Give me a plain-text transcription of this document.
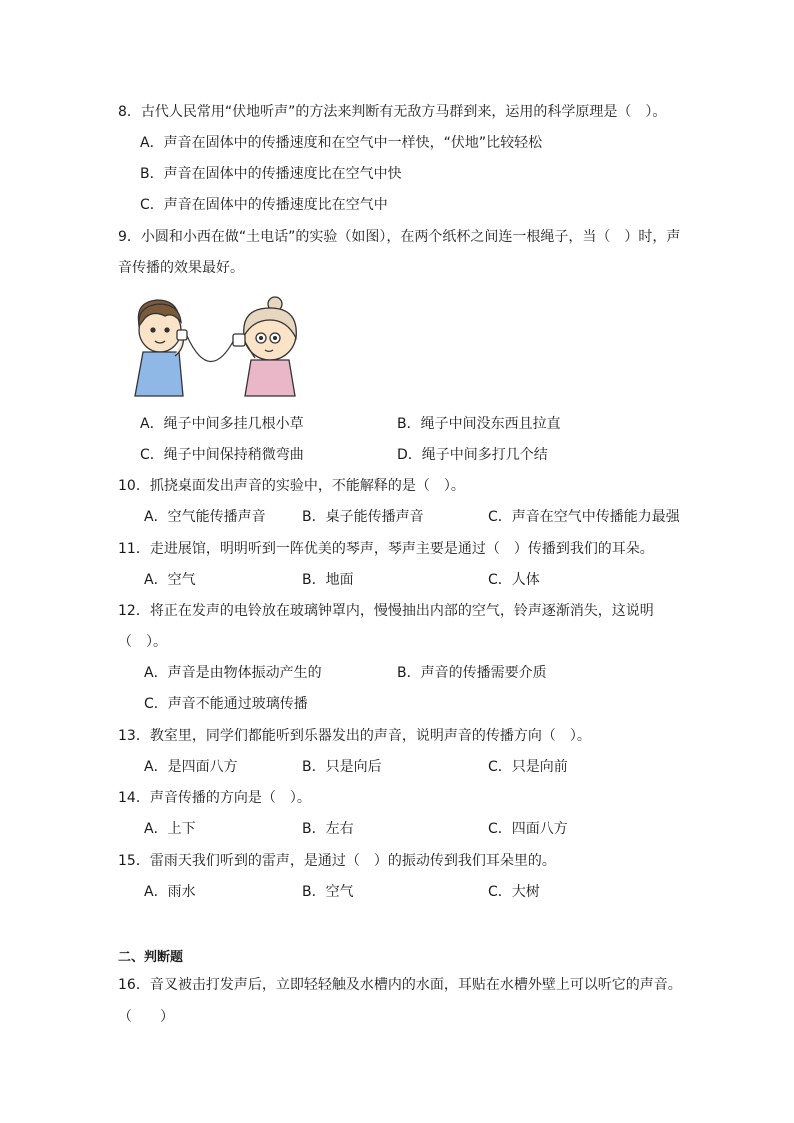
8．古代人民常用“伏地听声”的方法来判断有无敌方马群到来，运用的科学原理是（　）。
A．声音在固体中的传播速度和在空气中一样快，“伏地”比较轻松
B．声音在固体中的传播速度比在空气中快
C．声音在固体中的传播速度比在空气中
9．小圆和小西在做“土电话”的实验（如图），在两个纸杯之间连一根绳子，当（　）时，声
音传播的效果最好。
A．绳子中间多挂几根小草	B．绳子中间没东西且拉直
C．绳子中间保持稍微弯曲	D．绳子中间多打几个结
10．抓挠桌面发出声音的实验中，不能解释的是（　）。
A．空气能传播声音	B．桌子能传播声音	C．声音在空气中传播能力最强
11．走进展馆，明明听到一阵优美的琴声，琴声主要是通过（　）传播到我们的耳朵。
A．空气	B．地面	C．人体
12．将正在发声的电铃放在玻璃钟罩内，慢慢抽出内部的空气，铃声逐渐消失，这说明
（　）。
A．声音是由物体振动产生的	B．声音的传播需要介质
C．声音不能通过玻璃传播
13．教室里，同学们都能听到乐器发出的声音，说明声音的传播方向（　）。
A．是四面八方	B．只是向后	C．只是向前
14．声音传播的方向是（　）。
A．上下	B．左右	C．四面八方
15．雷雨天我们听到的雷声，是通过（　）的振动传到我们耳朵里的。
A．雨水	B．空气	C．大树
二、判断题
16．音叉被击打发声后，立即轻轻触及水槽内的水面，耳贴在水槽外壁上可以听它的声音。
（　　）
